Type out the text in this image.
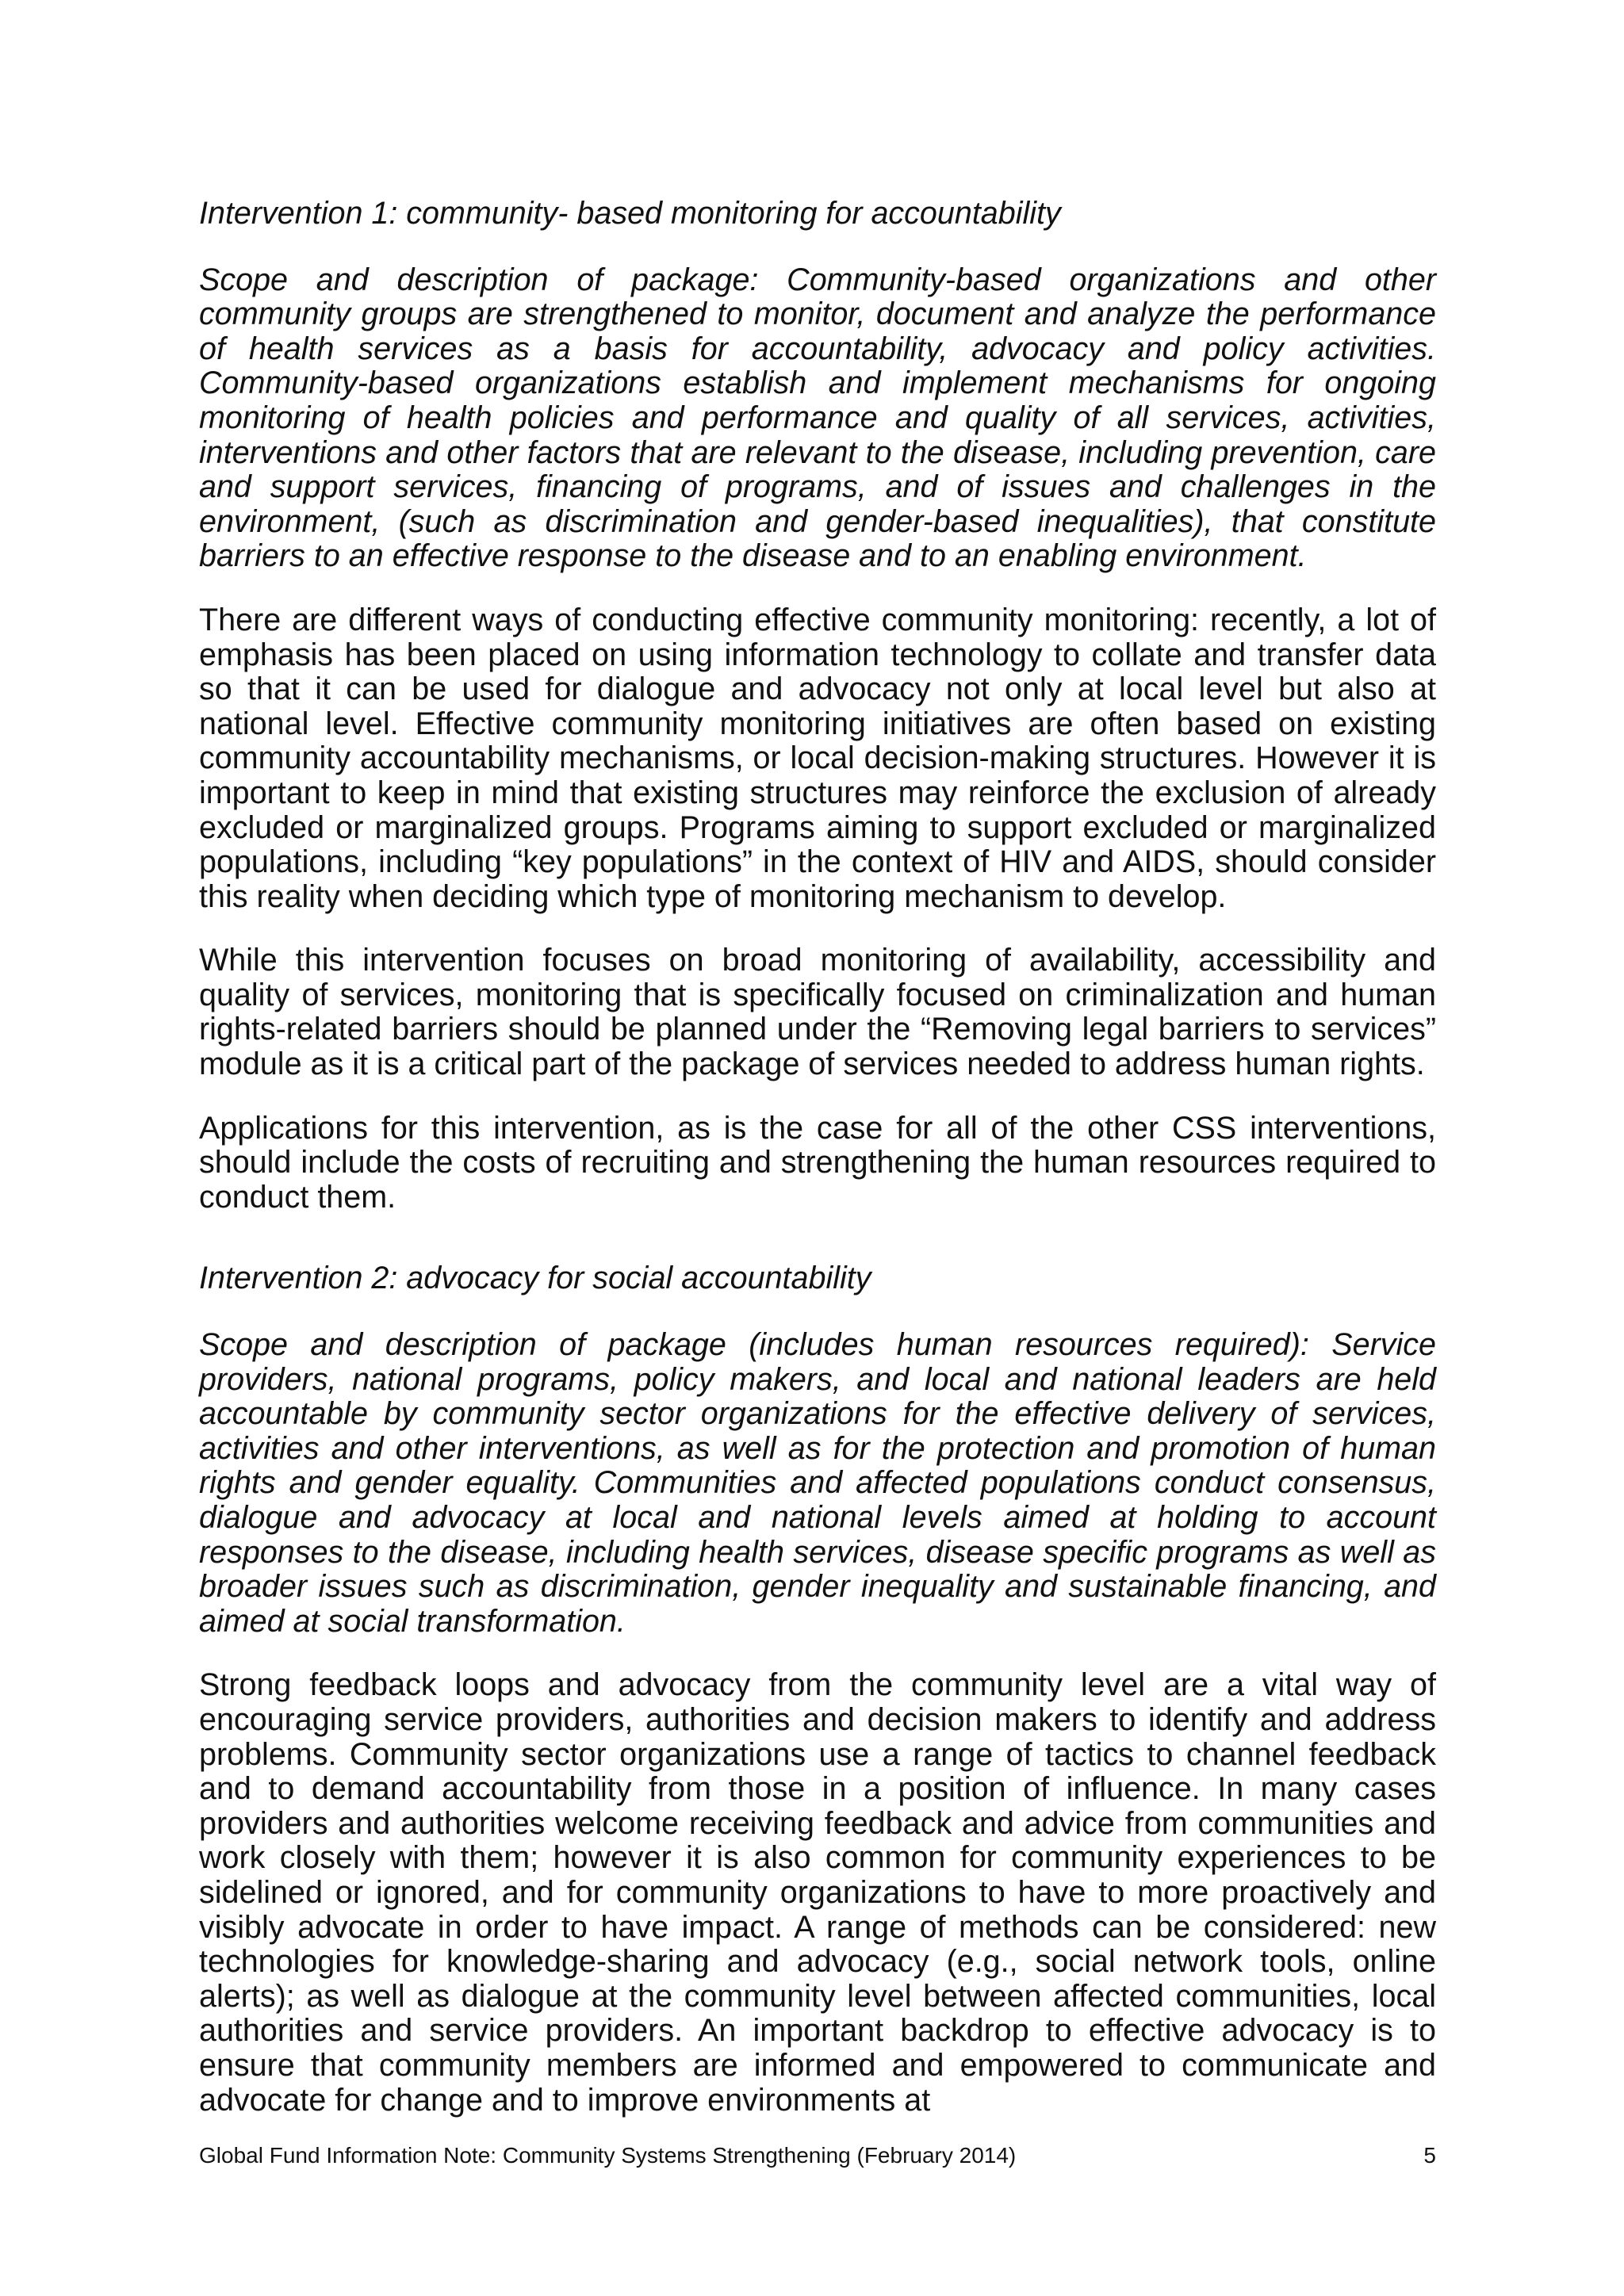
Intervention 1: community- based monitoring for accountability

Scope and description of package: Community-based organizations and other community groups are strengthened to monitor, document and analyze the performance of health services as a basis for accountability, advocacy and policy activities. Community-based organizations establish and implement mechanisms for ongoing monitoring of health policies and performance and quality of all services, activities, interventions and other factors that are relevant to the disease, including prevention, care and support services, financing of programs, and of issues and challenges in the environment, (such as discrimination and gender-based inequalities), that constitute barriers to an effective response to the disease and to an enabling environment.

There are different ways of conducting effective community monitoring: recently, a lot of emphasis has been placed on using information technology to collate and transfer data so that it can be used for dialogue and advocacy not only at local level but also at national level. Effective community monitoring initiatives are often based on existing community accountability mechanisms, or local decision-making structures. However it is important to keep in mind that existing structures may reinforce the exclusion of already excluded or marginalized groups. Programs aiming to support excluded or marginalized populations, including “key populations” in the context of HIV and AIDS, should consider this reality when deciding which type of monitoring mechanism to develop.

While this intervention focuses on broad monitoring of availability, accessibility and quality of services, monitoring that is specifically focused on criminalization and human rights-related barriers should be planned under the “Removing legal barriers to services” module as it is a critical part of the package of services needed to address human rights.

Applications for this intervention, as is the case for all of the other CSS interventions, should include the costs of recruiting and strengthening the human resources required to conduct them.

Intervention 2: advocacy for social accountability

Scope and description of package (includes human resources required): Service providers, national programs, policy makers, and local and national leaders are held accountable by community sector organizations for the effective delivery of services, activities and other interventions, as well as for the protection and promotion of human rights and gender equality. Communities and affected populations conduct consensus, dialogue and advocacy at local and national levels aimed at holding to account responses to the disease, including health services, disease specific programs as well as broader issues such as discrimination, gender inequality and sustainable financing, and aimed at social transformation.

Strong feedback loops and advocacy from the community level are a vital way of encouraging service providers, authorities and decision makers to identify and address problems. Community sector organizations use a range of tactics to channel feedback and to demand accountability from those in a position of influence. In many cases providers and authorities welcome receiving feedback and advice from communities and work closely with them; however it is also common for community experiences to be sidelined or ignored, and for community organizations to have to more proactively and visibly advocate in order to have impact. A range of methods can be considered: new technologies for knowledge-sharing and advocacy (e.g., social network tools, online alerts); as well as dialogue at the community level between affected communities, local authorities and service providers. An important backdrop to effective advocacy is to ensure that community members are informed and empowered to communicate and advocate for change and to improve environments at

Global Fund Information Note: Community Systems Strengthening (February 2014)	5
